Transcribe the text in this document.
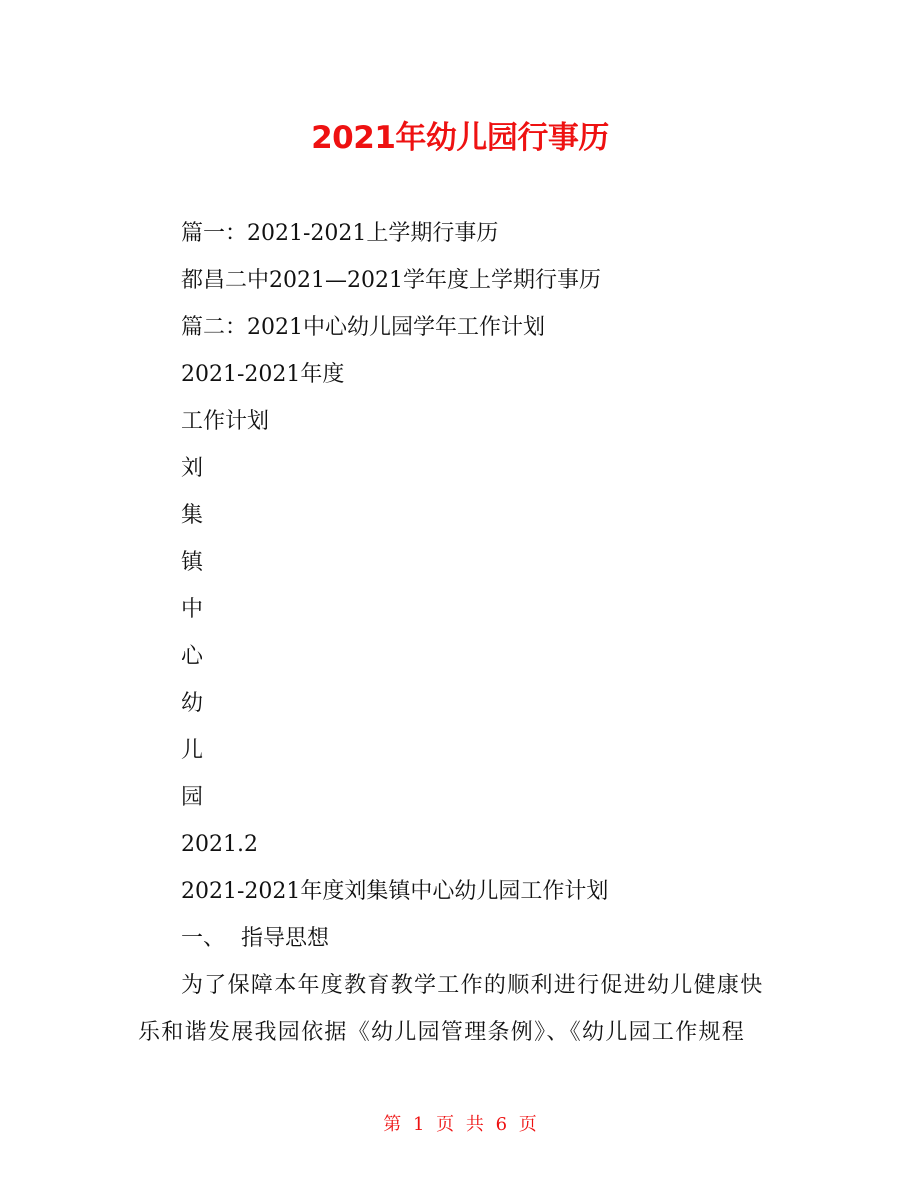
2021年幼儿园行事历
篇一：2021-2021上学期行事历
都昌二中2021—2021学年度上学期行事历
篇二：2021中心幼儿园学年工作计划
2021-2021年度
工作计划
刘
集
镇
中
心
幼
儿
园
2021.2
2021-2021年度刘集镇中心幼儿园工作计划
一、 指导思想
为了保障本年度教育教学工作的顺利进行促进幼儿健康快
乐和谐发展我园依据《幼儿园管理条例》、《幼儿园工作规程
第 1 页 共 6 页
